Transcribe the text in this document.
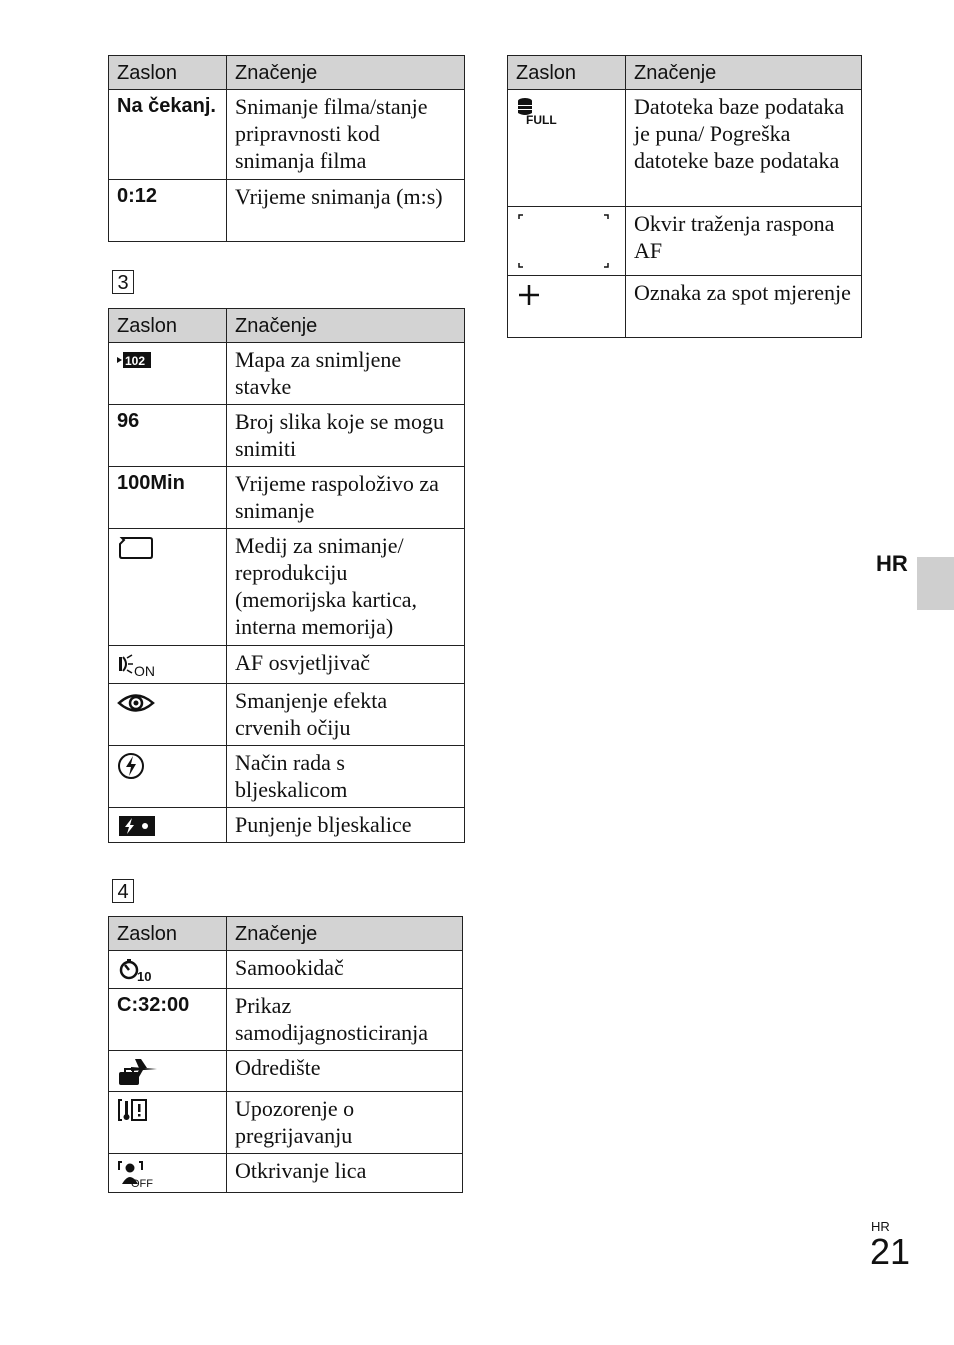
Zaslon	Značenje
Na čekanj.	Snimanje filma/stanje pripravnosti kod snimanja filma
0:12	Vrijeme snimanja (m:s)
3
Zaslon	Značenje

102	Mapa za snimljene stavke
96	Broj slika koje se mogu snimiti
100Min	Vrijeme raspoloživo za snimanje
	Medij za snimanje/ reprodukciju (memorijska kartica, interna memorija)

ON	AF osvjetljivač
	Smanjenje efekta crvenih očiju
	Način rada s bljeskalicom
	Punjenje bljeskalice
4
Zaslon	Značenje

10	Samookidač
C:32:00	Prikaz samodijagnosticiranja
	Odredište
	Upozorenje o pregrijavanju

OFF	Otkrivanje lica
Zaslon	Značenje

FULL	Datoteka baze podataka je puna/ Pogreška datoteke baze podataka
	Okvir traženja raspona AF
	Oznaka za spot mjerenje
HR
HR
21
